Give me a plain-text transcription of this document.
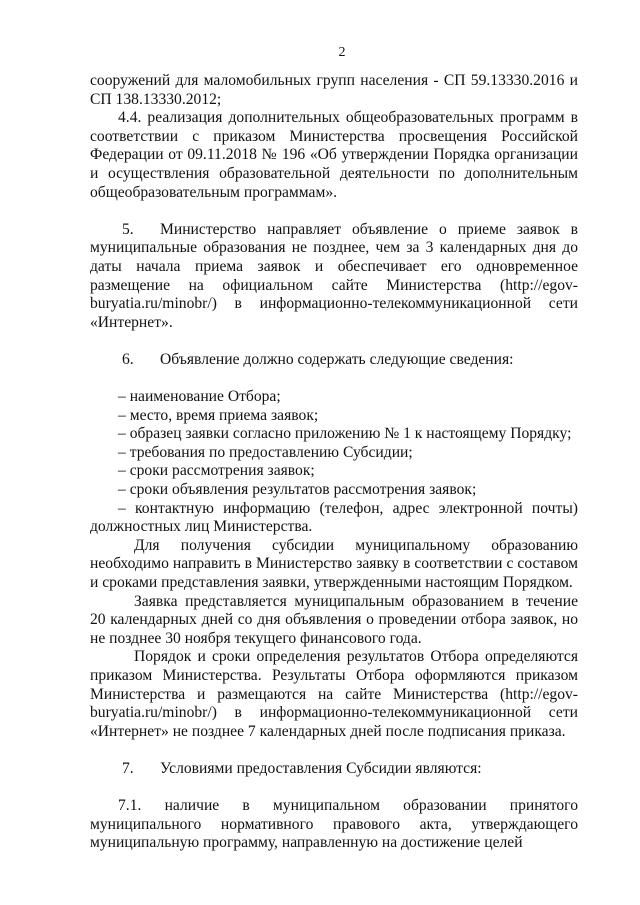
2

сооружений для маломобильных групп населения - СП 59.13330.2016 и СП 138.13330.2012;

4.4. реализация дополнительных общеобразовательных программ в соответствии с приказом Министерства просвещения Российской Федерации от 09.11.2018 № 196 «Об утверждении Порядка организации и осуществления образовательной деятельности по дополнительным общеобразовательным программам».

5. Министерство направляет объявление о приеме заявок в муниципальные образования не позднее, чем за 3 календарных дня до даты начала приема заявок и обеспечивает его одновременное размещение на официальном сайте Министерства (http://egov-buryatia.ru/minobr/) в информационно-телекоммуникационной сети «Интернет».

6. Объявление должно содержать следующие сведения:

– наименование Отбора;

– место, время приема заявок;

– образец заявки согласно приложению № 1 к настоящему Порядку;

– требования по предоставлению Субсидии;

– сроки рассмотрения заявок;

– сроки объявления результатов рассмотрения заявок;

– контактную информацию (телефон, адрес электронной почты) должностных лиц Министерства.

Для получения субсидии муниципальному образованию необходимо направить в Министерство заявку в соответствии с составом и сроками представления заявки, утвержденными настоящим Порядком.

Заявка представляется муниципальным образованием в течение 20 календарных дней со дня объявления о проведении отбора заявок, но не позднее 30 ноября текущего финансового года.

Порядок и сроки определения результатов Отбора определяются приказом Министерства. Результаты Отбора оформляются приказом Министерства и размещаются на сайте Министерства (http://egov-buryatia.ru/minobr/) в информационно-телекоммуникационной сети «Интернет» не позднее 7 календарных дней после подписания приказа.

7. Условиями предоставления Субсидии являются:

7.1. наличие в муниципальном образовании принятого муниципального нормативного правового акта, утверждающего муниципальную программу, направленную на достижение целей
